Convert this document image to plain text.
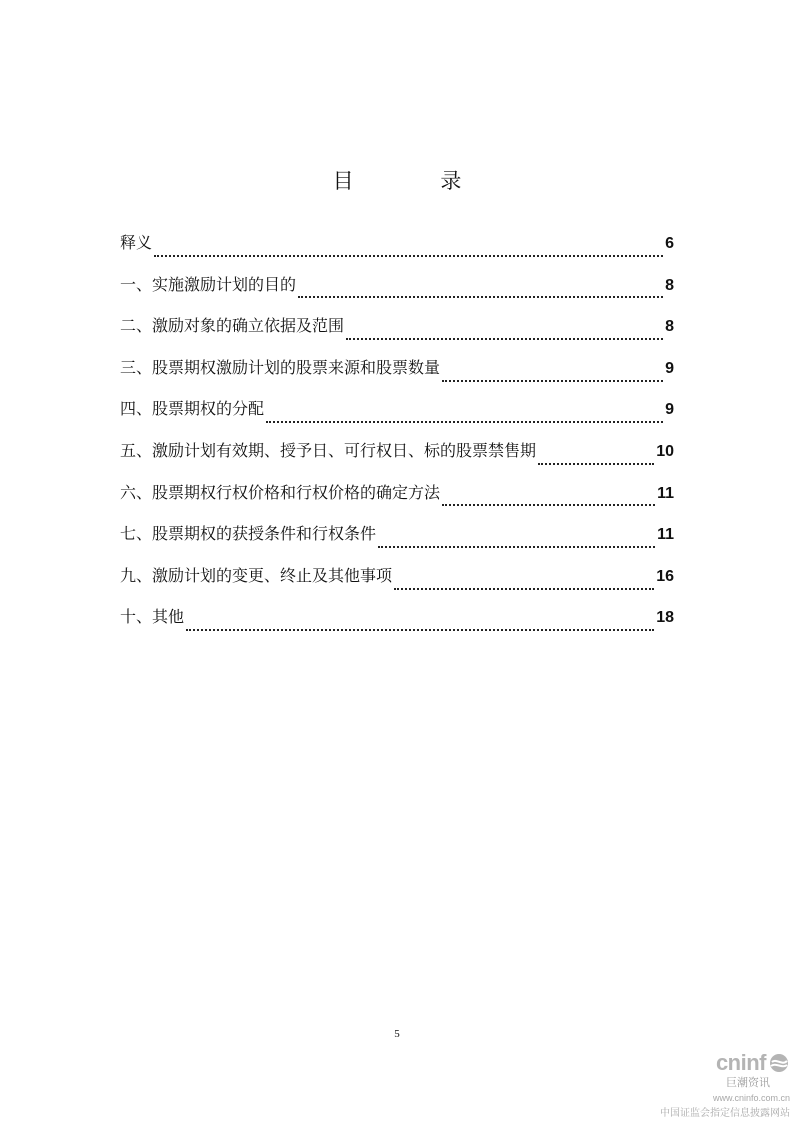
目 录
释义	6
一、实施激励计划的目的	8
二、激励对象的确立依据及范围	8
三、股票期权激励计划的股票来源和股票数量	9
四、股票期权的分配	9
五、激励计划有效期、授予日、可行权日、标的股票禁售期	10
六、股票期权行权价格和行权价格的确定方法	11
七、股票期权的获授条件和行权条件	11
九、激励计划的变更、终止及其他事项	16
十、其他	18
5
cninf
巨潮资讯
www.cninfo.com.cn
中国证监会指定信息披露网站
